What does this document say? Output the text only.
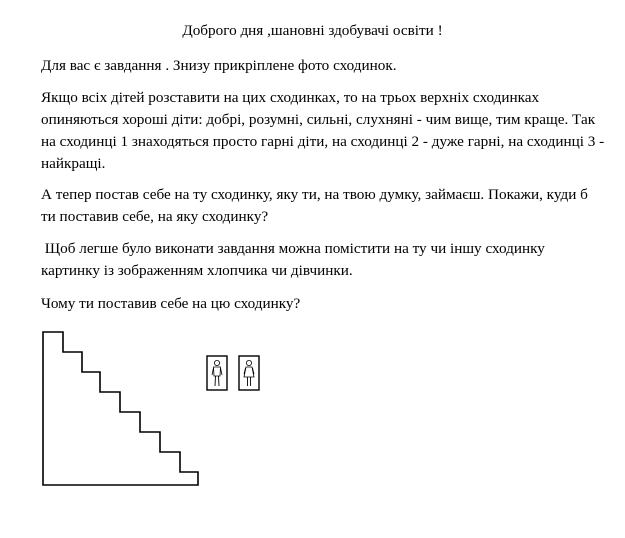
Доброго дня ,шановні здобувачі освіти !

Для вас є завдання . Знизу прикріплене фото сходинок.

Якщо всіх дітей розставити на цих сходинках, то на трьох верхніх сходинках опиняються хороші діти: добрі, розумні, сильні, слухняні - чим вище, тим краще. Так на сходинці 1 знаходяться просто гарні діти, на сходинці 2 - дуже гарні, на сходинці 3 - найкращі.

А тепер постав себе на ту сходинку, яку ти, на твою думку, займаєш. Покажи, куди б ти поставив себе, на яку сходинку?

Щоб легше було виконати завдання можна помістити на ту чи іншу сходинку картинку із зображенням хлопчика чи дівчинки.

Чому ти поставив себе на цю сходинку?
